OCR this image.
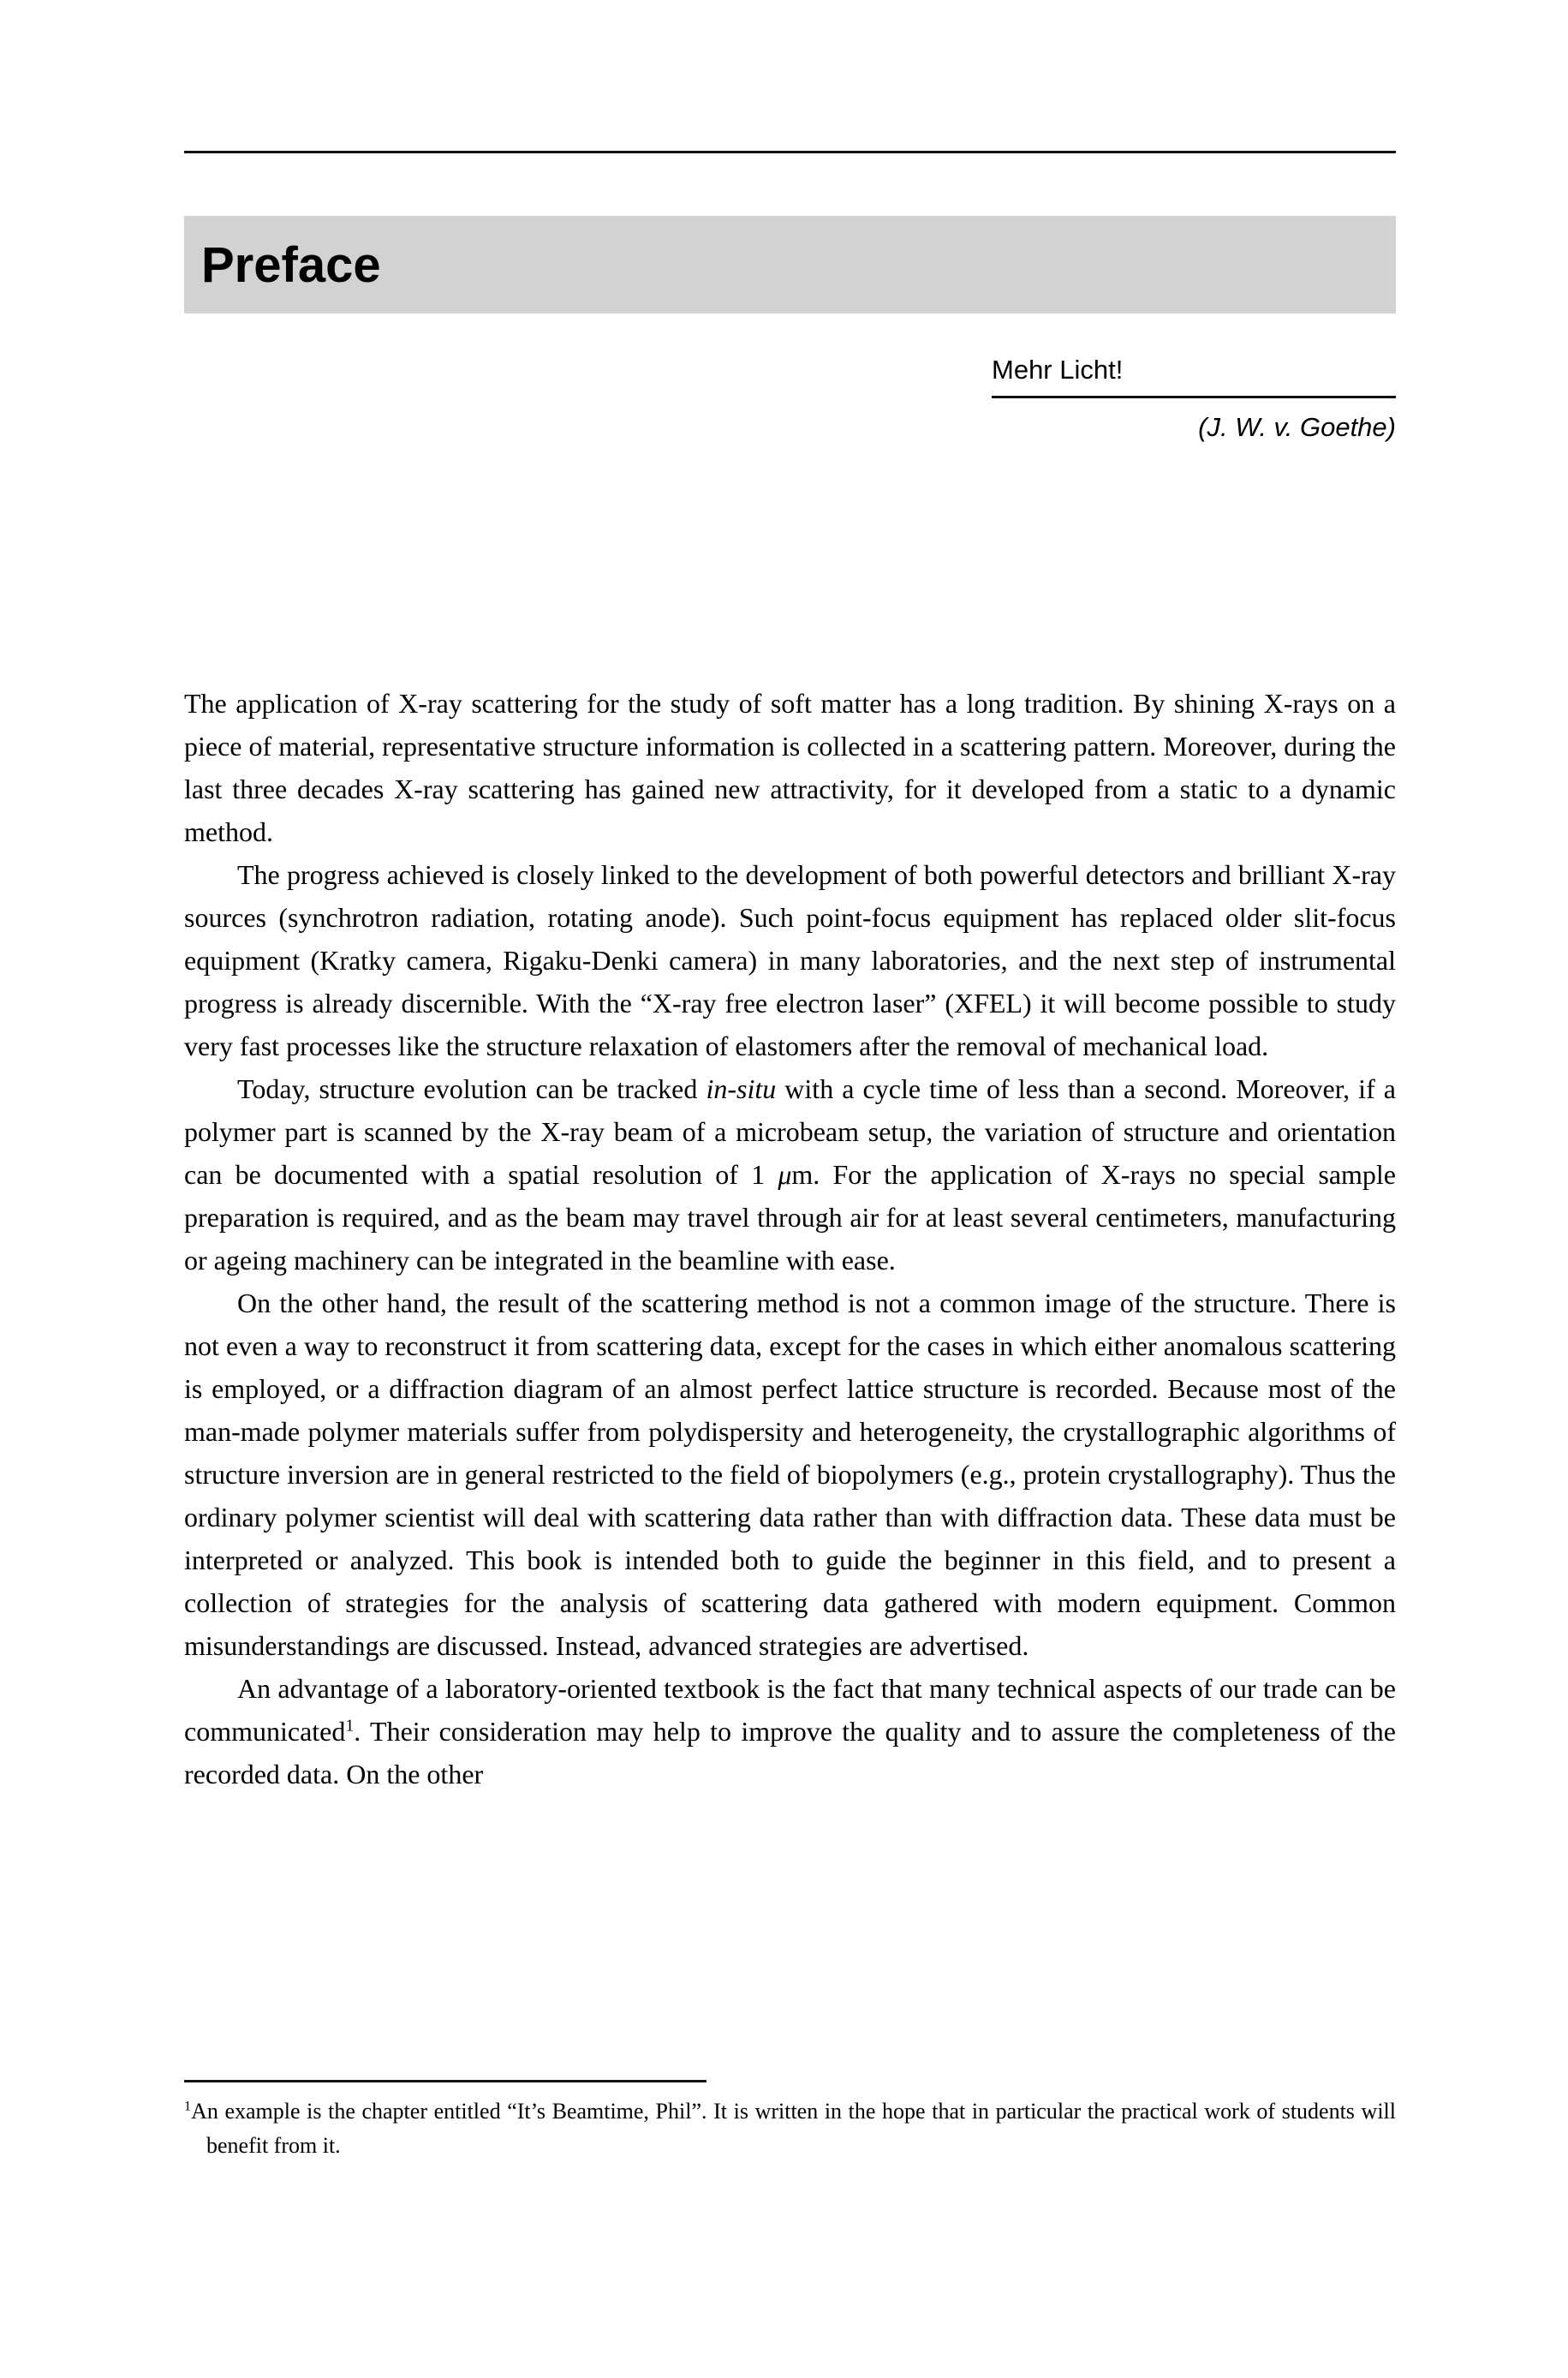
Preface
Mehr Licht!
(J. W. v. Goethe)

The application of X-ray scattering for the study of soft matter has a long tradition. By shining X-rays on a piece of material, representative structure information is collected in a scattering pattern. Moreover, during the last three decades X-ray scattering has gained new attractivity, for it developed from a static to a dynamic method.

The progress achieved is closely linked to the development of both powerful detectors and brilliant X-ray sources (synchrotron radiation, rotating anode). Such point-focus equipment has replaced older slit-focus equipment (Kratky camera, Rigaku-Denki camera) in many laboratories, and the next step of instrumental progress is already discernible. With the “X-ray free electron laser” (XFEL) it will become possible to study very fast processes like the structure relaxation of elastomers after the removal of mechanical load.

Today, structure evolution can be tracked in-situ with a cycle time of less than a second. Moreover, if a polymer part is scanned by the X-ray beam of a microbeam setup, the variation of structure and orientation can be documented with a spatial resolution of 1 μm. For the application of X-rays no special sample preparation is required, and as the beam may travel through air for at least several centimeters, manufacturing or ageing machinery can be integrated in the beamline with ease.

On the other hand, the result of the scattering method is not a common image of the structure. There is not even a way to reconstruct it from scattering data, except for the cases in which either anomalous scattering is employed, or a diffraction diagram of an almost perfect lattice structure is recorded. Because most of the man-made polymer materials suffer from polydispersity and heterogeneity, the crystallographic algorithms of structure inversion are in general restricted to the field of biopolymers (e.g., protein crystallography). Thus the ordinary polymer scientist will deal with scattering data rather than with diffraction data. These data must be interpreted or analyzed. This book is intended both to guide the beginner in this field, and to present a collection of strategies for the analysis of scattering data gathered with modern equipment. Common misunderstandings are discussed. Instead, advanced strategies are advertised.

An advantage of a laboratory-oriented textbook is the fact that many technical aspects of our trade can be communicated$^1$. Their consideration may help to improve the quality and to assure the completeness of the recorded data. On the other

$^1$An example is the chapter entitled “It’s Beamtime, Phil”. It is written in the hope that in particular the practical work of students will benefit from it.
